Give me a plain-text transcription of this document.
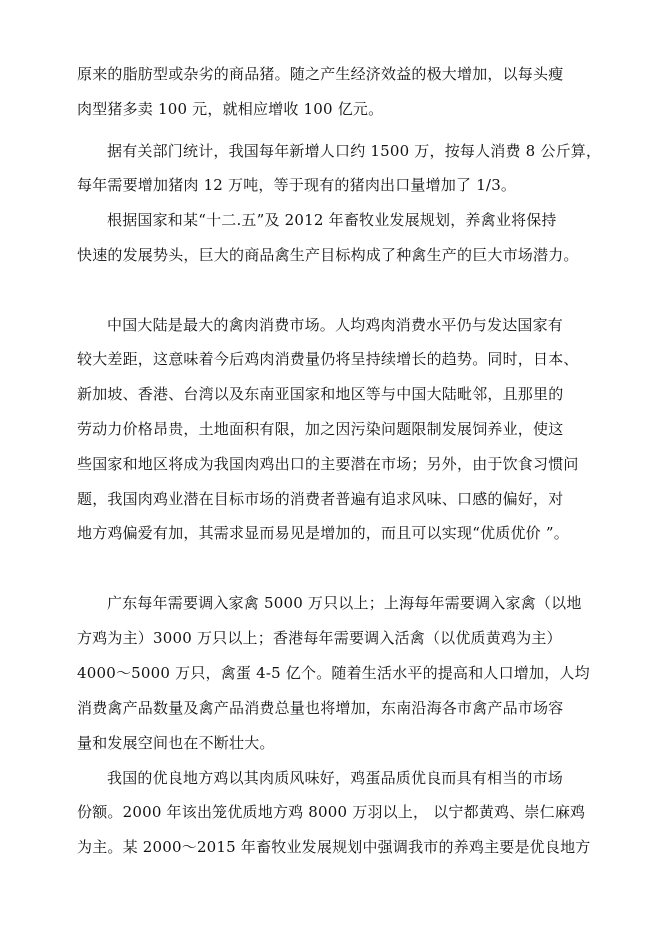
原来的脂肪型或杂劣的商品猪。随之产生经济效益的极大增加，以每头瘦
肉型猪多卖 100 元，就相应增收 100 亿元。
据有关部门统计，我国每年新增人口约 1500 万，按每人消费 8 公斤算，
每年需要增加猪肉 12 万吨，等于现有的猪肉出口量增加了 1/3。
根据国家和某“十二.五”及 2012 年畜牧业发展规划，养禽业将保持
快速的发展势头，巨大的商品禽生产目标构成了种禽生产的巨大市场潜力。
中国大陆是最大的禽肉消费市场。人均鸡肉消费水平仍与发达国家有
较大差距，这意味着今后鸡肉消费量仍将呈持续增长的趋势。同时，日本、
新加坡、香港、台湾以及东南亚国家和地区等与中国大陆毗邻，且那里的
劳动力价格昂贵，土地面积有限，加之因污染问题限制发展饲养业，使这
些国家和地区将成为我国肉鸡出口的主要潜在市场；另外，由于饮食习惯问
题，我国肉鸡业潜在目标市场的消费者普遍有追求风味、口感的偏好，对
地方鸡偏爱有加，其需求显而易见是增加的，而且可以实现“优质优价 ”。
广东每年需要调入家禽 5000 万只以上；上海每年需要调入家禽（以地
方鸡为主）3000 万只以上；香港每年需要调入活禽（以优质黄鸡为主）
4000～5000 万只，禽蛋 4-5 亿个。随着生活水平的提高和人口增加，人均
消费禽产品数量及禽产品消费总量也将增加，东南沿海各市禽产品市场容
量和发展空间也在不断壮大。
我国的优良地方鸡以其肉质风味好，鸡蛋品质优良而具有相当的市场
份额。2000 年该出笼优质地方鸡 8000 万羽以上， 以宁都黄鸡、崇仁麻鸡
为主。某 2000～2015 年畜牧业发展规划中强调我市的养鸡主要是优良地方
